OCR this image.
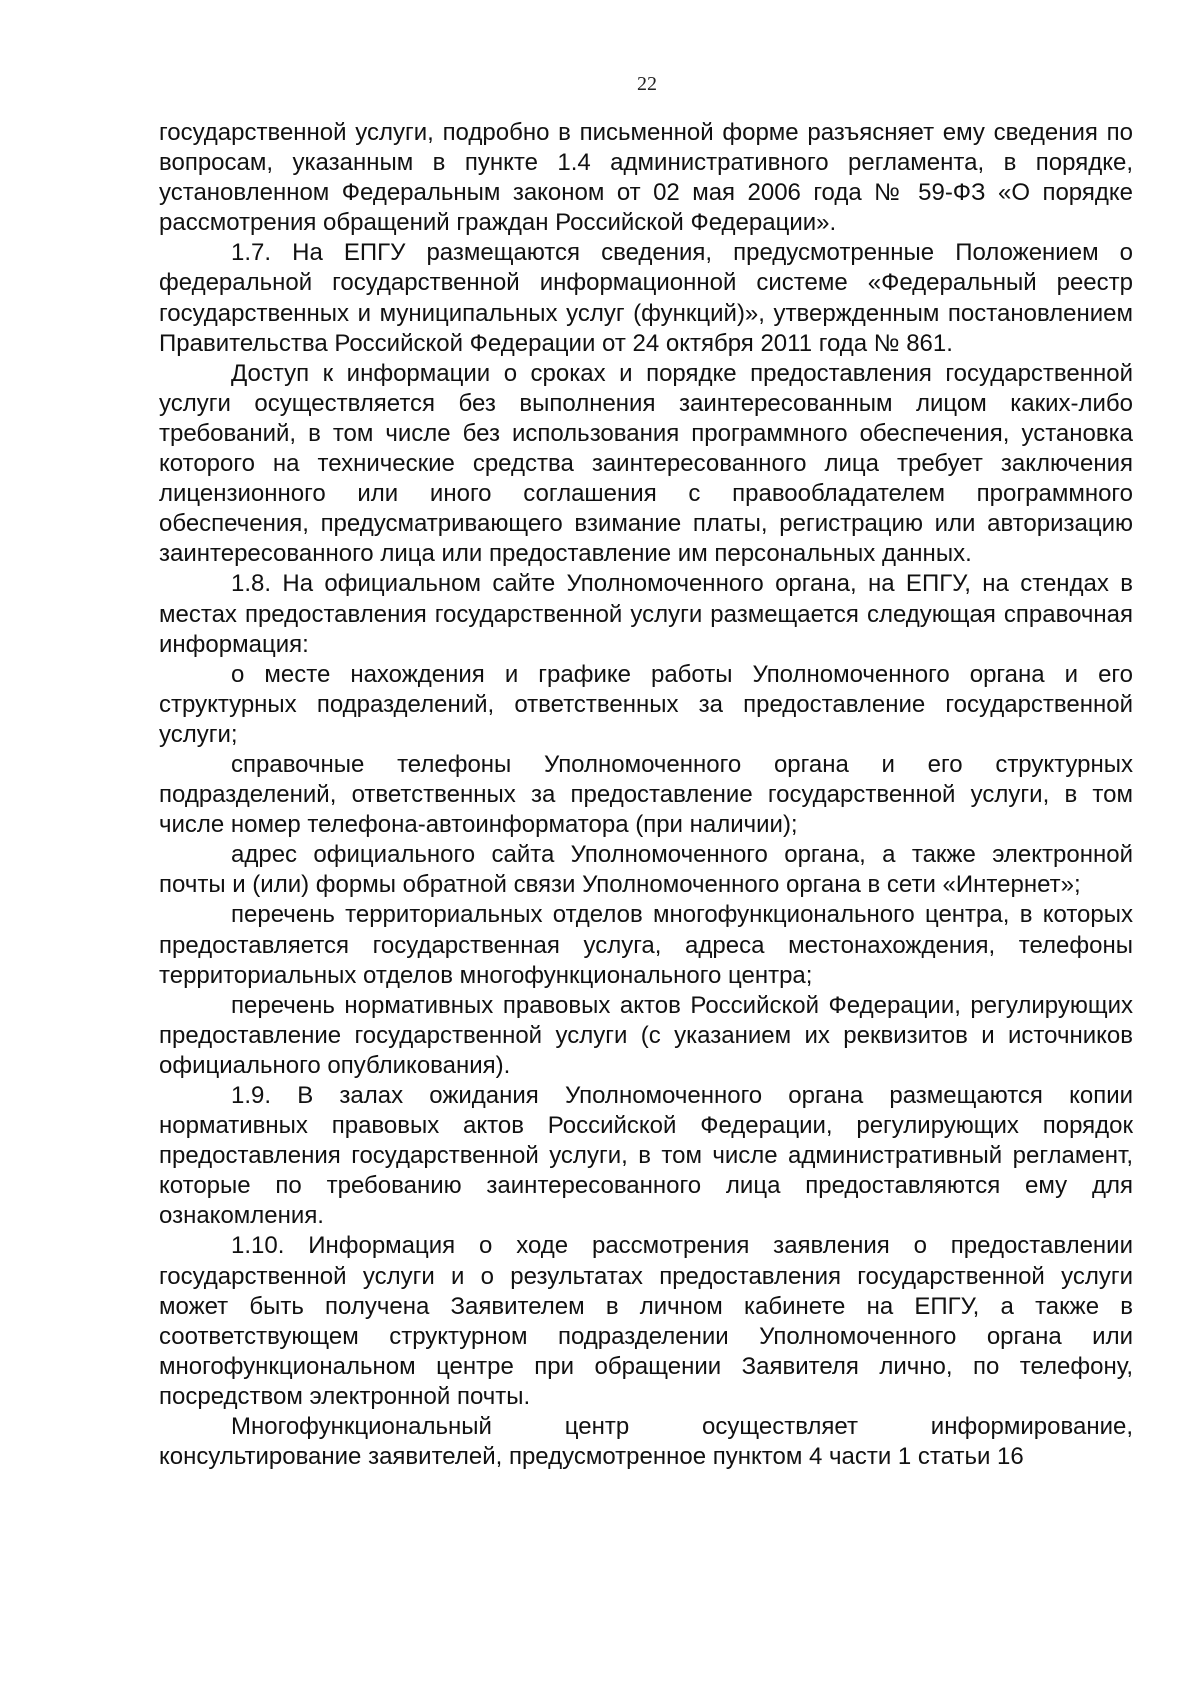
22

государственной услуги, подробно в письменной форме разъясняет ему сведения по вопросам, указанным в пункте 1.4 административного регламента, в порядке, установленном Федеральным законом от 02 мая 2006 года № 59-ФЗ «О порядке рассмотрения обращений граждан Российской Федерации».

1.7. На ЕПГУ размещаются сведения, предусмотренные Положением о федеральной государственной информационной системе «Федеральный реестр государственных и муниципальных услуг (функций)», утвержденным постановлением Правительства Российской Федерации от 24 октября 2011 года № 861.

Доступ к информации о сроках и порядке предоставления государственной услуги осуществляется без выполнения заинтересованным лицом каких-либо требований, в том числе без использования программного обеспечения, установка которого на технические средства заинтересованного лица требует заключения лицензионного или иного соглашения с правообладателем программного обеспечения, предусматривающего взимание платы, регистрацию или авторизацию заинтересованного лица или предоставление им персональных данных.

1.8. На официальном сайте Уполномоченного органа, на ЕПГУ, на стендах в местах предоставления государственной услуги размещается следующая справочная информация:

о месте нахождения и графике работы Уполномоченного органа и его структурных подразделений, ответственных за предоставление государственной услуги;

справочные телефоны Уполномоченного органа и его структурных подразделений, ответственных за предоставление государственной услуги, в том числе номер телефона-автоинформатора (при наличии);

адрес официального сайта Уполномоченного органа, а также электронной почты и (или) формы обратной связи Уполномоченного органа в сети «Интернет»;

перечень территориальных отделов многофункционального центра, в которых предоставляется государственная услуга, адреса местонахождения, телефоны территориальных отделов многофункционального центра;

перечень нормативных правовых актов Российской Федерации, регулирующих предоставление государственной услуги (с указанием их реквизитов и источников официального опубликования).

1.9. В залах ожидания Уполномоченного органа размещаются копии нормативных правовых актов Российской Федерации, регулирующих порядок предоставления государственной услуги, в том числе административный регламент, которые по требованию заинтересованного лица предоставляются ему для ознакомления.

1.10. Информация о ходе рассмотрения заявления о предоставлении государственной услуги и о результатах предоставления государственной услуги может быть получена Заявителем в личном кабинете на ЕПГУ, а также в соответствующем структурном подразделении Уполномоченного органа или многофункциональном центре при обращении Заявителя лично, по телефону, посредством электронной почты.

Многофункциональный центр осуществляет информирование, консультирование заявителей, предусмотренное пунктом 4 части 1 статьи 16
